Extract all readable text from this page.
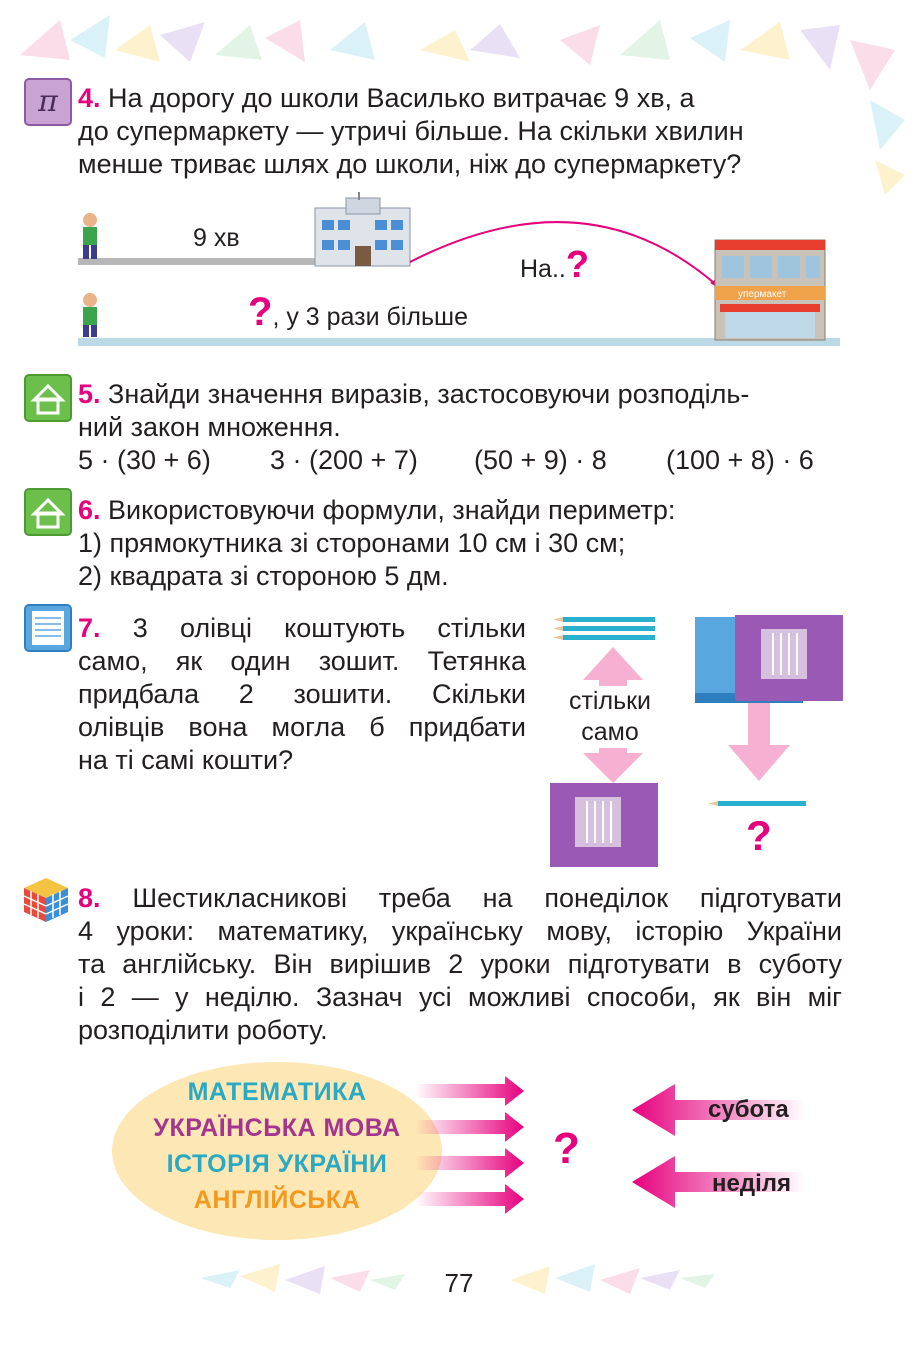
π 4. На дорогу до школи Василько витрачає 9 хв, а
до супермаркету — утричі більше. На скільки хвилин
менше триває шлях до школи, ніж до супермаркету?
упермакет
9 хв
На..?
?, у 3 рази більше
5. Знайди значення виразів, застосовуючи розподіль-
ний закон множення.
5 · (30 + 6) 3 · (200 + 7) (50 + 9) · 8 (100 + 8) · 6
6. Використовуючи формули, знайди периметр:
1) прямокутника зі сторонами 10 см і 30 см;
2) квадрата зі стороною 5 дм.
7. 3 олівці коштують стільки
само, як один зошит. Тетянка
придбала 2 зошити. Скільки
олівців вона могла б придбати
на ті самі кошти?
стільки
само
?
8. Шестикласникові треба на понеділок підготувати
4 уроки: математику, українську мову, історію України
та англійську. Він вирішив 2 уроки підготувати в суботу
і 2 — у неділю. Зазнач усі можливі способи, як він міг
розподілити роботу.
МАТЕМАТИКА
УКРАЇНСЬКА МОВА
ІСТОРІЯ УКРАЇНИ
АНГЛІЙСЬКА
?
субота
неділя
77
